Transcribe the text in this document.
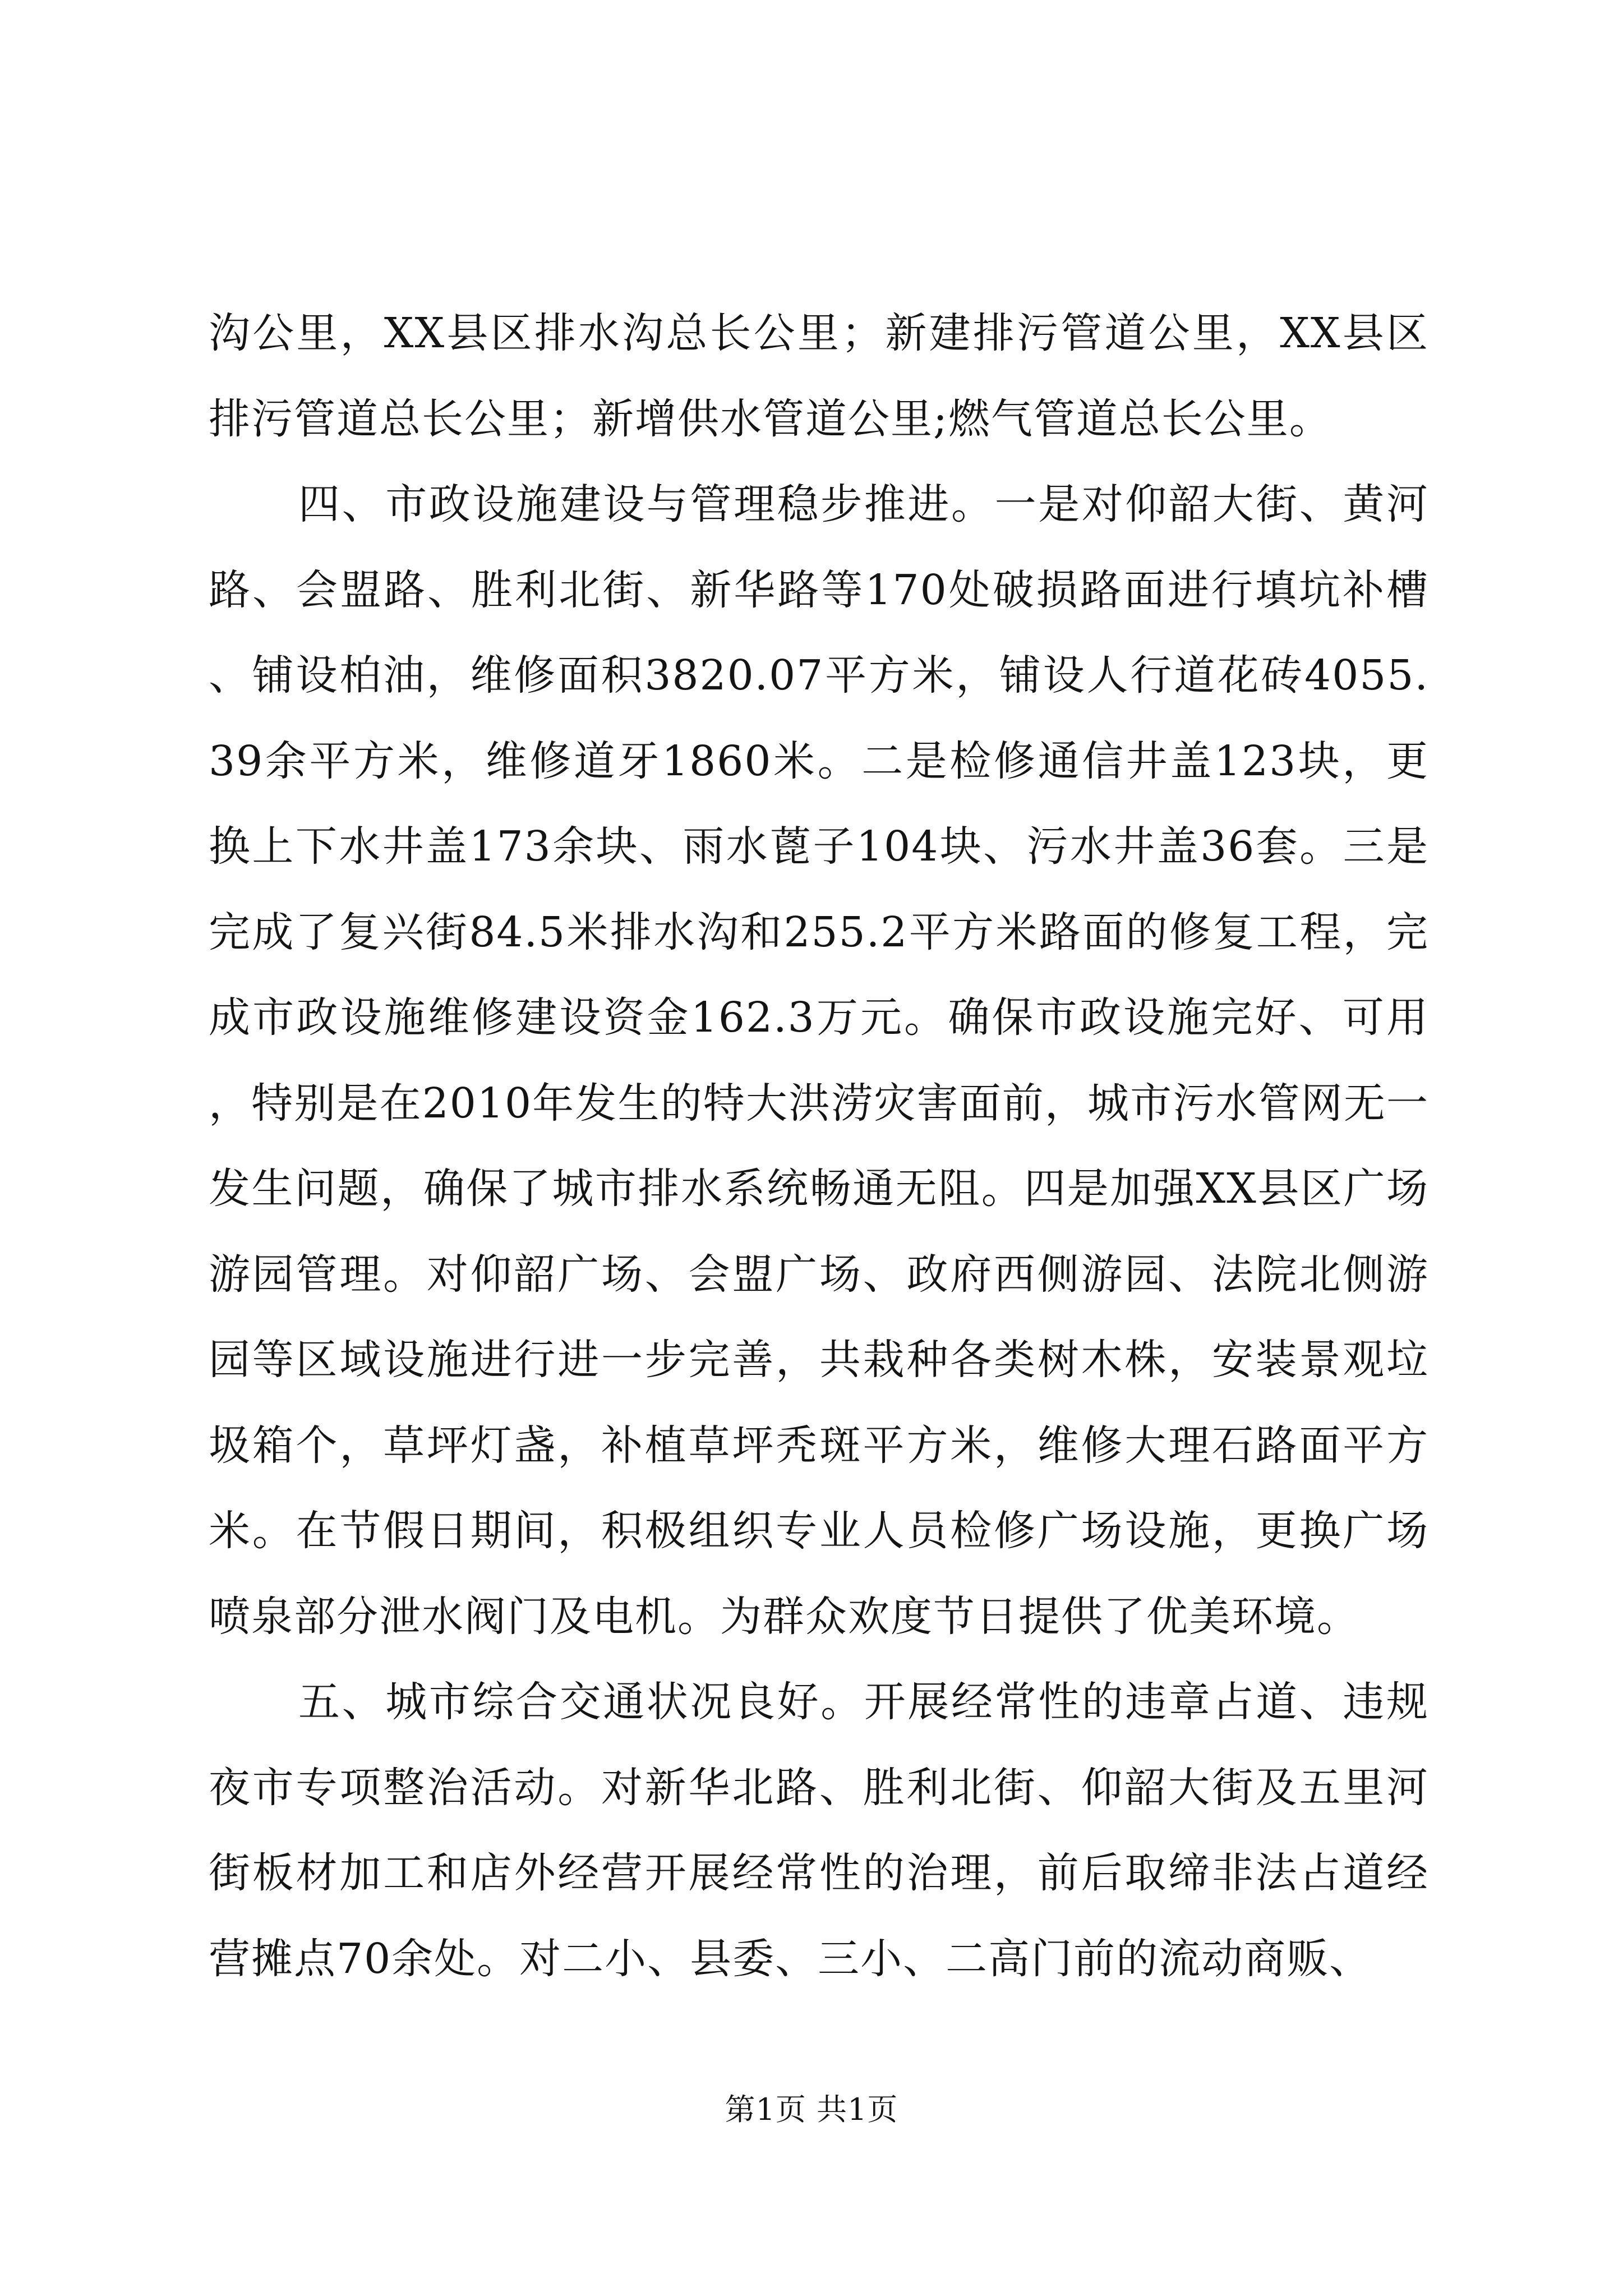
沟公里，XX县区排水沟总长公里；新建排污管道公里，XX县区排污管道总长公里；新增供水管道公里;燃气管道总长公里。

四、市政设施建设与管理稳步推进。一是对仰韶大街、黄河路、会盟路、胜利北街、新华路等170处破损路面进行填坑补槽、铺设柏油，维修面积3820.07平方米，铺设人行道花砖4055.39余平方米，维修道牙1860米。二是检修通信井盖123块，更换上下水井盖173余块、雨水蓖子104块、污水井盖36套。三是完成了复兴街84.5米排水沟和255.2平方米路面的修复工程，完成市政设施维修建设资金162.3万元。确保市政设施完好、可用，特别是在2010年发生的特大洪涝灾害面前，城市污水管网无一发生问题，确保了城市排水系统畅通无阻。四是加强XX县区广场游园管理。对仰韶广场、会盟广场、政府西侧游园、法院北侧游园等区域设施进行进一步完善，共栽种各类树木株，安装景观垃圾箱个，草坪灯盏，补植草坪秃斑平方米，维修大理石路面平方米。在节假日期间，积极组织专业人员检修广场设施，更换广场喷泉部分泄水阀门及电机。为群众欢度节日提供了优美环境。

五、城市综合交通状况良好。开展经常性的违章占道、违规夜市专项整治活动。对新华北路、胜利北街、仰韶大街及五里河街板材加工和店外经营开展经常性的治理，前后取缔非法占道经营摊点70余处。对二小、县委、三小、二高门前的流动商贩、

第1页 共1页
